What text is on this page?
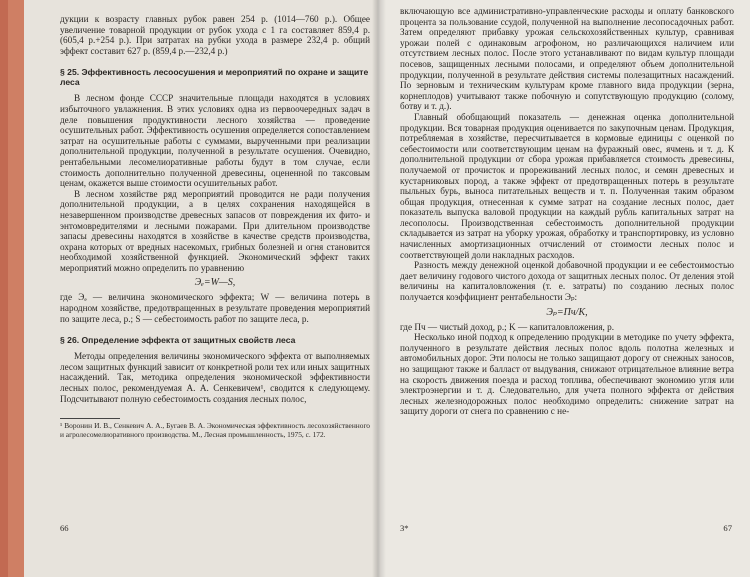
дукции к возрасту главных рубок равен 254 р. (1014—760 р.). Общее увеличение товарной продукции от рубок ухода с 1 га составляет 859,4 р. (605,4 р.+254 р.). При затратах на рубки ухода в размере 232,4 р. общий эффект составит 627 р. (859,4 р.—232,4 р.)

§ 25. Эффективность лесоосушения и мероприятий по охране и защите леса

В лесном фонде СССР значительные площади находятся в условиях избыточного увлажнения. В этих условиях одна из первоочередных задач в деле повышения продуктивности лесного хозяйства — проведение осушительных работ. Эффективность осушения определяется сопоставлением затрат на осушительные работы с суммами, вырученными при реализации дополнительной продукции, полученной в результате осушения. Очевидно, рентабельными лесомелиоративные работы будут в том случае, если стоимость дополнительно полученной древесины, оцененной по таксовым ценам, окажется выше стоимости осушительных работ.

В лесном хозяйстве ряд мероприятий проводится не ради получения дополнительной продукции, а в целях сохранения находящейся в незавершенном производстве древесных запасов от повреждения их фито- и энтомовредителями и лесными пожарами. При длительном производстве запасы древесины находятся в хозяйстве в качестве средств производства, охрана которых от вредных насекомых, грибных болезней и огня становится необходимой хозяйственной функцией. Экономический эффект таких мероприятий можно определить по уравнению

Эₑ=W—S,

где Эₑ — величина экономического эффекта; W — величина потерь в народном хозяйстве, предотвращенных в результате проведения мероприятий по защите леса, р.; S — себестоимость работ по защите леса, р.

§ 26. Определение эффекта от защитных свойств леса

Методы определения величины экономического эффекта от выполняемых лесом защитных функций зависит от конкретной роли тех или иных защитных насаждений. Так, методика определения экономической эффективности лесных полос, рекомендуемая А. А. Сенкевичем¹, сводится к следующему. Подсчитывают полную себестоимость создания лесных полос,

¹ Воронин И. В., Сенкевич А. А., Бугаев В. А. Экономическая эффективность лесохозяйственного и агролесомелиоративного производства. М., Лесная промышленность, 1975, с. 172.

66

включающую все административно-управленческие расходы и оплату банковского процента за пользование ссудой, полученной на выполнение лесопосадочных работ. Затем определяют прибавку урожая сельскохозяйственных культур, сравнивая урожаи полей с одинаковым агрофоном, но различающихся наличием или отсутствием лесных полос. После этого устанавливают по видам культур площади посевов, защищенных лесными полосами, и определяют объем дополнительной продукции, полученной в результате действия системы полезащитных насаждений. По зерновым и техническим культурам кроме главного вида продукции (зерна, корнеплодов) учитывают также побочную и сопутствующую продукцию (солому, ботву и т. д.).

Главный обобщающий показатель — денежная оценка дополнительной продукции. Вся товарная продукция оценивается по закупочным ценам. Продукция, потребляемая в хозяйстве, пересчитывается в кормовые единицы с оценкой по себестоимости или соответствующим ценам на фуражный овес, ячмень и т. д. К дополнительной продукции от сбора урожая прибавляется стоимость древесины, получаемой от прочисток и прореживаний лесных полос, и семян древесных и кустарниковых пород, а также эффект от предотвращенных потерь в результате пыльных бурь, выноса питательных веществ и т. п. Полученная таким образом общая продукция, отнесенная к сумме затрат на создание лесных полос, дает показатель выпуска валовой продукции на каждый рубль капитальных затрат на лесополосы. Производственная себестоимость дополнительной продукции складывается из затрат на уборку урожая, обработку и транспортировку, из условно начисленных амортизационных отчислений от стоимости лесных полос и соответствующей доли накладных расходов.

Разность между денежной оценкой добавочной продукции и ее себестоимостью дает величину годового чистого дохода от защитных лесных полос. От деления этой величины на капиталовложения (т. е. затраты) по созданию лесных полос получается коэффициент рентабельности Эₚ:

Эₚ=Пч/K,

где Пч — чистый доход, р.; K — капиталовложения, р.

Несколько иной подход к определению продукции в методике по учету эффекта, полученного в результате действия лесных полос вдоль полотна железных и автомобильных дорог. Эти полосы не только защищают дорогу от снежных заносов, но защищают также и балласт от выдувания, снижают отрицательное влияние ветра на скорость движения поезда и расход топлива, обеспечивают экономию угля или электроэнергии и т. д. Следовательно, для учета полного эффекта от действия лесных железнодорожных полос необходимо определить: снижение затрат на защиту дороги от снега по сравнению с не-

3*	67
